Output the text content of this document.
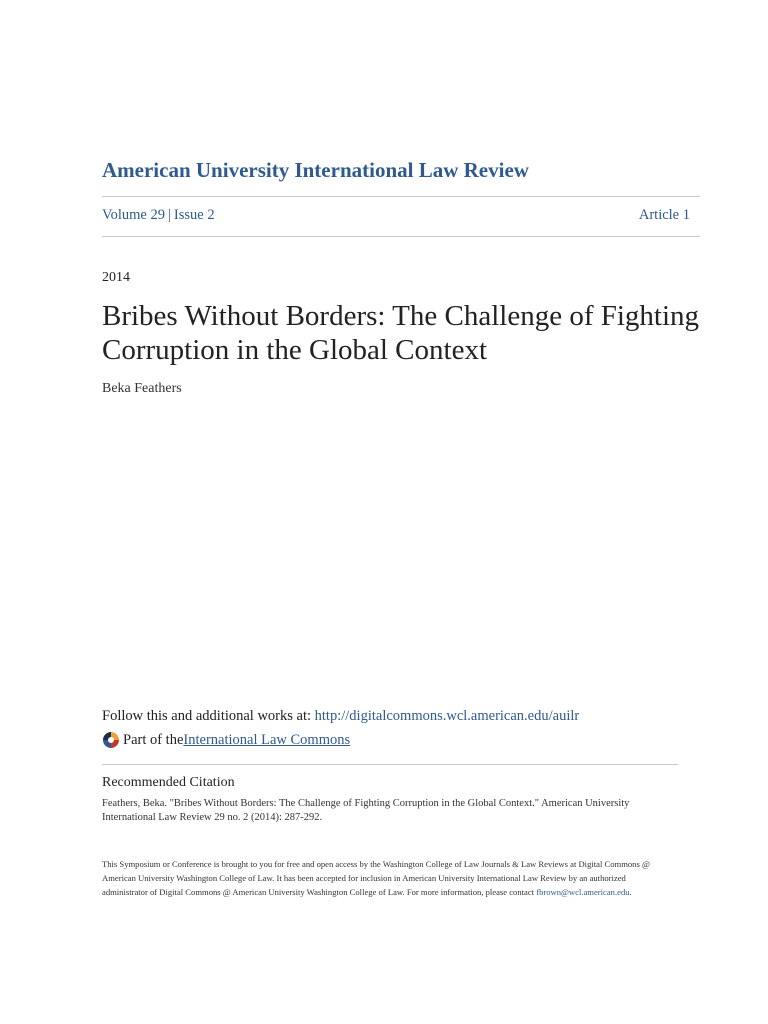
American University International Law Review
Volume 29 | Issue 2	Article 1
2014
Bribes Without Borders: The Challenge of Fighting Corruption in the Global Context
Beka Feathers
Follow this and additional works at: http://digitalcommons.wcl.american.edu/auilr
Part of the International Law Commons
Recommended Citation
Feathers, Beka. "Bribes Without Borders: The Challenge of Fighting Corruption in the Global Context." American University International Law Review 29 no. 2 (2014): 287-292.
This Symposium or Conference is brought to you for free and open access by the Washington College of Law Journals & Law Reviews at Digital Commons @ American University Washington College of Law. It has been accepted for inclusion in American University International Law Review by an authorized administrator of Digital Commons @ American University Washington College of Law. For more information, please contact fbrown@wcl.american.edu.
